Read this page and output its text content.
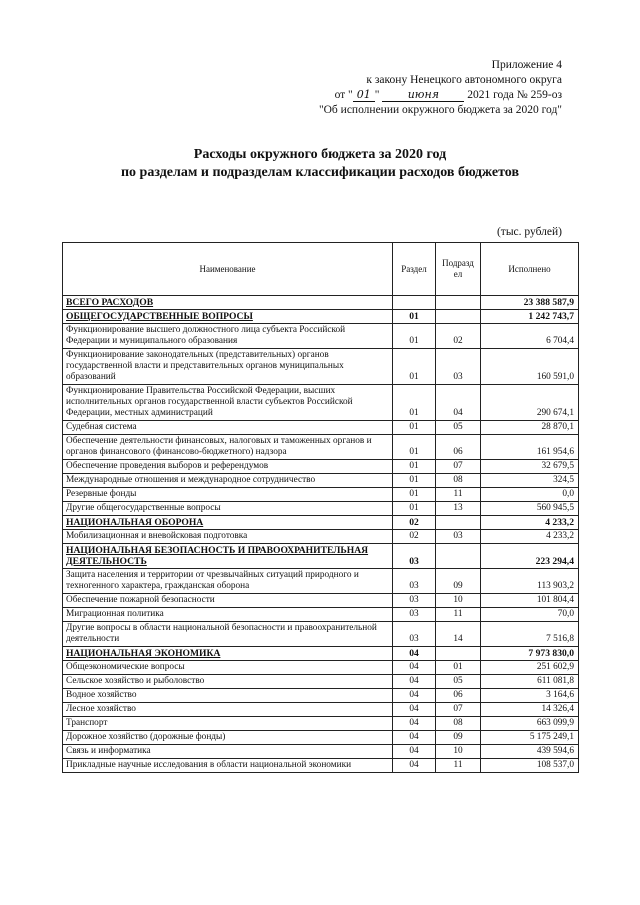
Приложение 4
к закону Ненецкого автономного округа
от " 01 "	июня 2021 года № 259-оз
"Об исполнении окружного бюджета за 2020 год"
Расходы окружного бюджета за 2020 год
по разделам и подразделам классификации расходов бюджетов
(тыс. рублей)
Наименование	Раздел	Подразд ел	Исполнено
ВСЕГО РАСХОДОВ			23 388 587,9
ОБЩЕГОСУДАРСТВЕННЫЕ ВОПРОСЫ	01		1 242 743,7
Функционирование высшего должностного лица субъекта Российской Федерации и муниципального образования	01	02	6 704,4
Функционирование законодательных (представительных) органов государственной власти и представительных органов муниципальных образований	01	03	160 591,0
Функционирование Правительства Российской Федерации, высших исполнительных органов государственной власти субъектов Российской Федерации, местных администраций	01	04	290 674,1
Судебная система	01	05	28 870,1
Обеспечение деятельности финансовых, налоговых и таможенных органов и органов финансового (финансово-бюджетного) надзора	01	06	161 954,6
Обеспечение проведения выборов и референдумов	01	07	32 679,5
Международные отношения и международное сотрудничество	01	08	324,5
Резервные фонды	01	11	0,0
Другие общегосударственные вопросы	01	13	560 945,5
НАЦИОНАЛЬНАЯ ОБОРОНА	02		4 233,2
Мобилизационная и вневойсковая подготовка	02	03	4 233,2
НАЦИОНАЛЬНАЯ БЕЗОПАСНОСТЬ И ПРАВООХРАНИТЕЛЬНАЯ ДЕЯТЕЛЬНОСТЬ	03		223 294,4
Защита населения и территории от чрезвычайных ситуаций природного и техногенного характера, гражданская оборона	03	09	113 903,2
Обеспечение пожарной безопасности	03	10	101 804,4
Миграционная политика	03	11	70,0
Другие вопросы в области национальной безопасности и правоохранительной деятельности	03	14	7 516,8
НАЦИОНАЛЬНАЯ ЭКОНОМИКА	04		7 973 830,0
Общеэкономические вопросы	04	01	251 602,9
Сельское хозяйство и рыболовство	04	05	611 081,8
Водное хозяйство	04	06	3 164,6
Лесное хозяйство	04	07	14 326,4
Транспорт	04	08	663 099,9
Дорожное хозяйство (дорожные фонды)	04	09	5 175 249,1
Связь и информатика	04	10	439 594,6
Прикладные научные исследования в области национальной экономики	04	11	108 537,0
